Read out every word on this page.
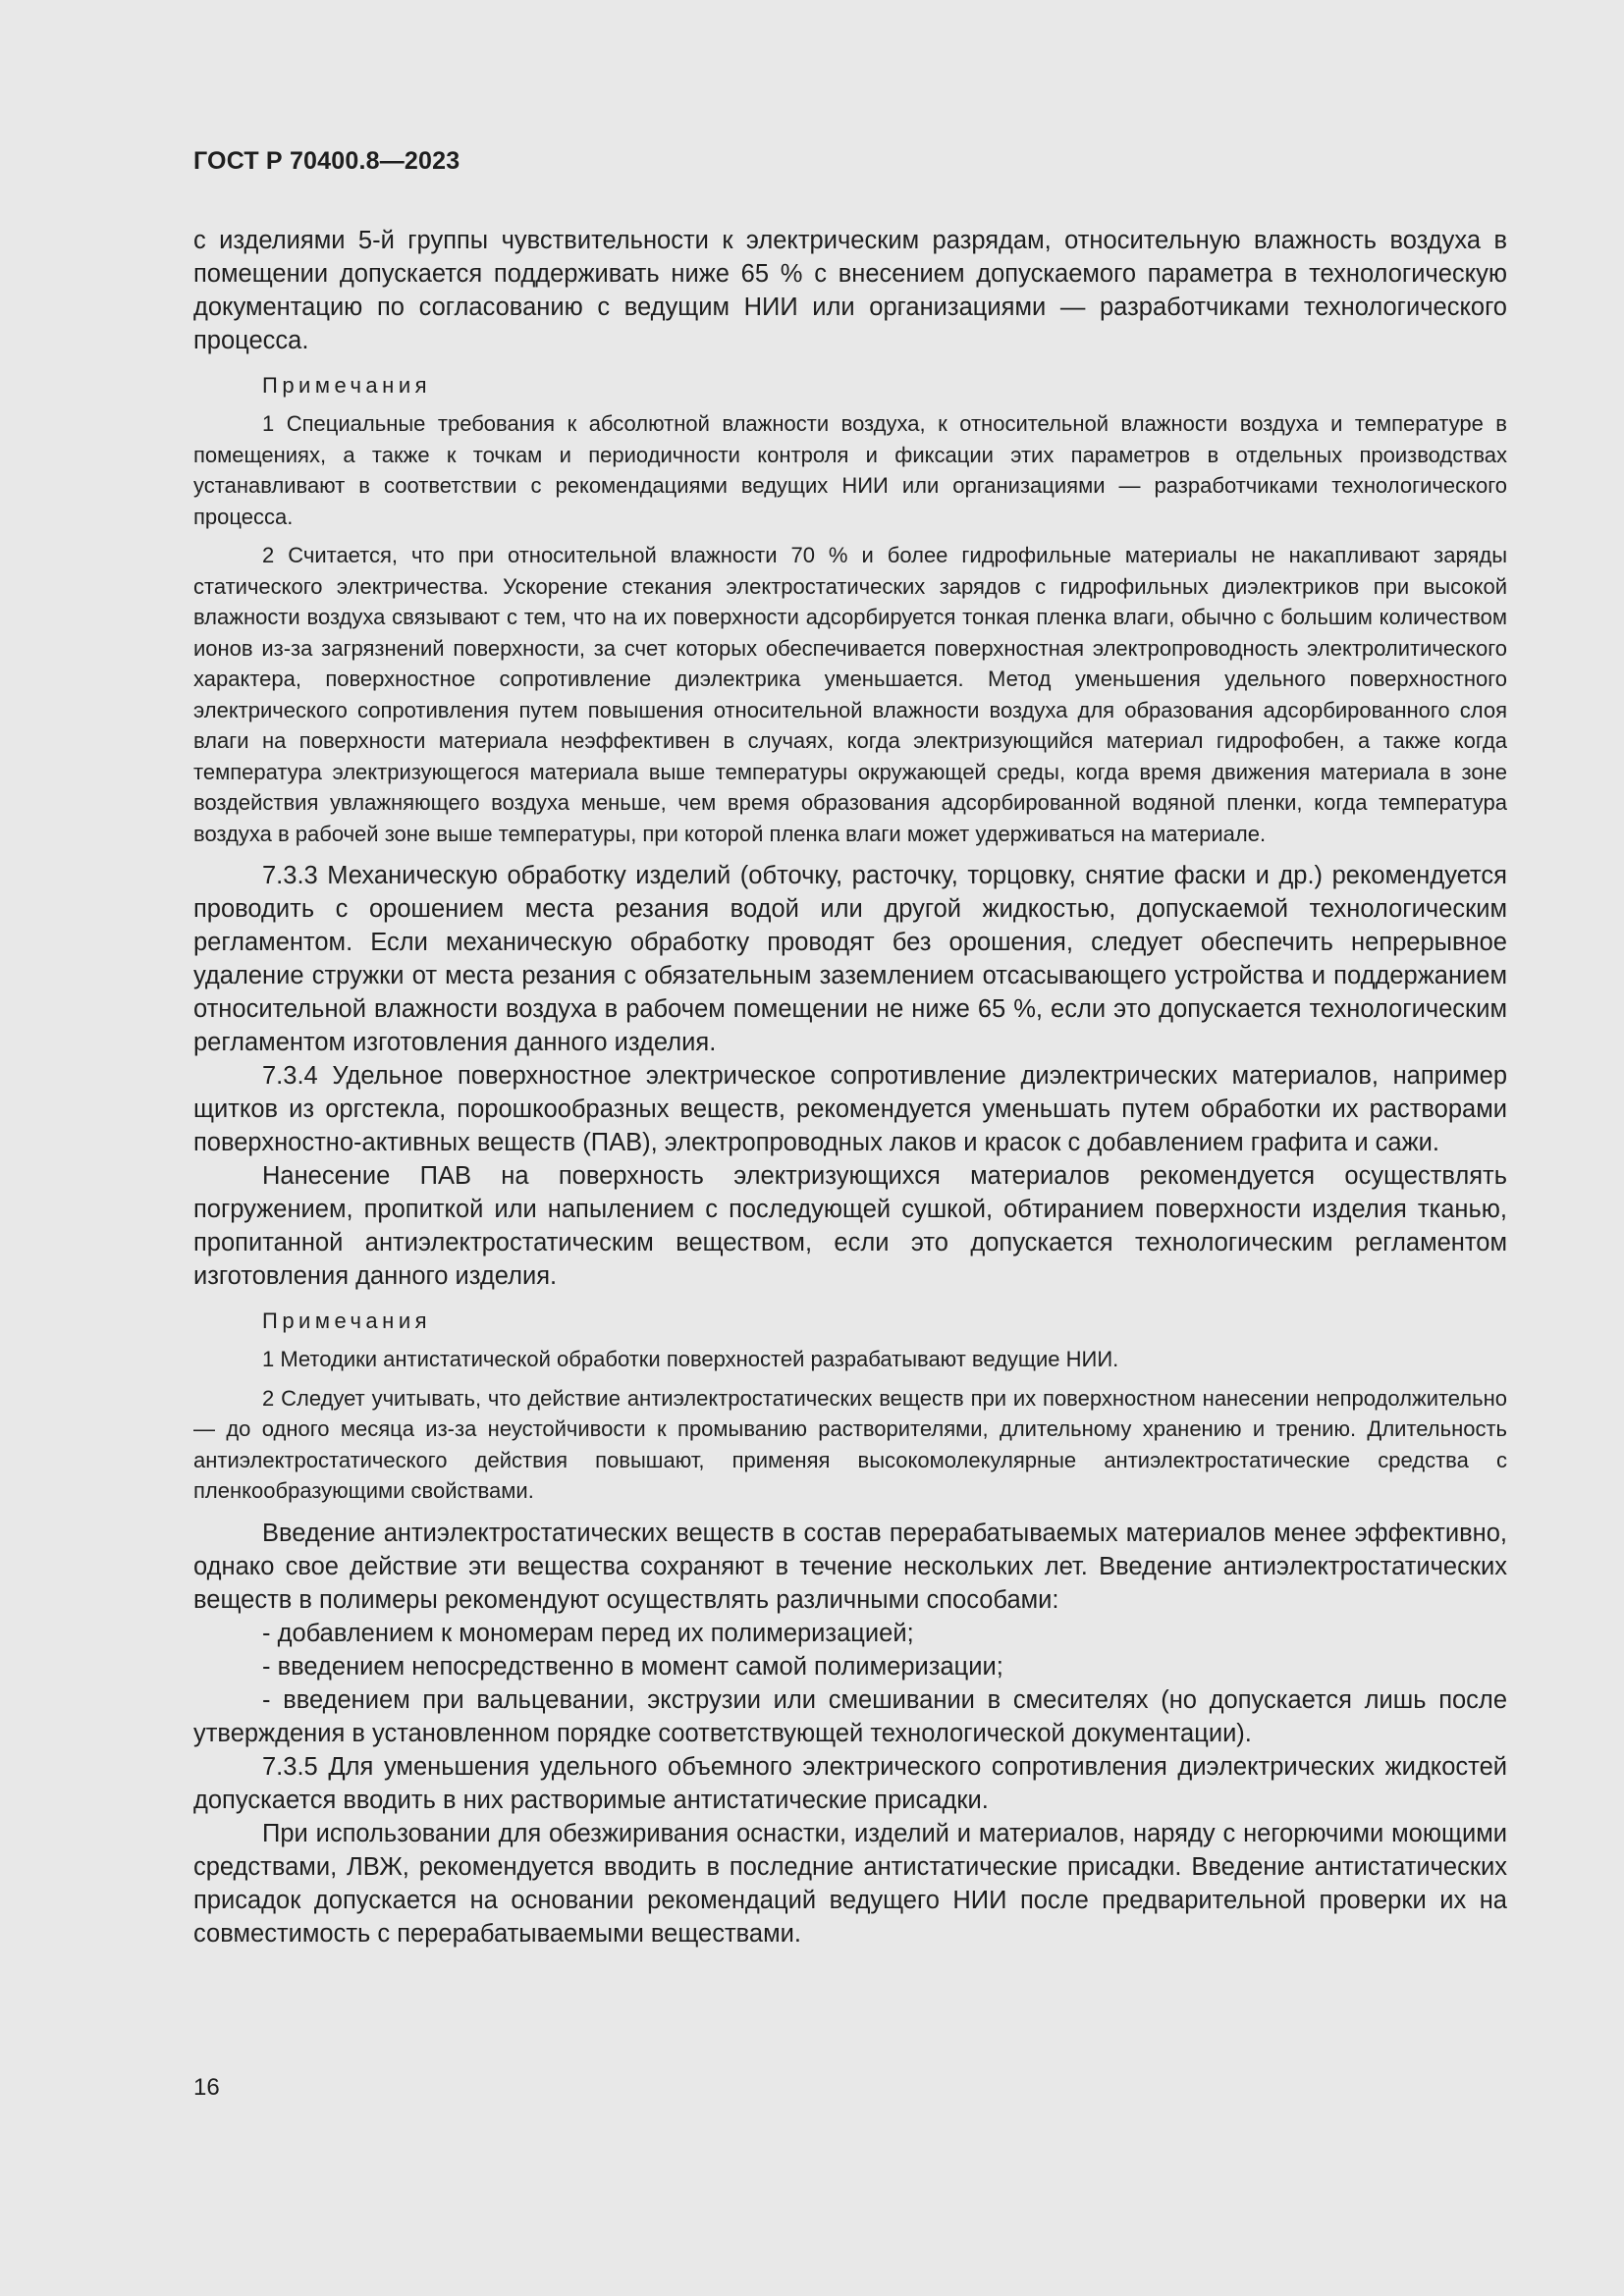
ГОСТ Р 70400.8—2023

с изделиями 5-й группы чувствительности к электрическим разрядам, относительную влажность воздуха в помещении допускается поддерживать ниже 65 % с внесением допускаемого параметра в технологическую документацию по согласованию с ведущим НИИ или организациями — разработчиками технологического процесса.

Примечания

1 Специальные требования к абсолютной влажности воздуха, к относительной влажности воздуха и температуре в помещениях, а также к точкам и периодичности контроля и фиксации этих параметров в отдельных производствах устанавливают в соответствии с рекомендациями ведущих НИИ или организациями — разработчиками технологического процесса.

2 Считается, что при относительной влажности 70 % и более гидрофильные материалы не накапливают заряды статического электричества. Ускорение стекания электростатических зарядов с гидрофильных диэлектриков при высокой влажности воздуха связывают с тем, что на их поверхности адсорбируется тонкая пленка влаги, обычно с большим количеством ионов из-за загрязнений поверхности, за счет которых обеспечивается поверхностная электропроводность электролитического характера, поверхностное сопротивление диэлектрика уменьшается. Метод уменьшения удельного поверхностного электрического сопротивления путем повышения относительной влажности воздуха для образования адсорбированного слоя влаги на поверхности материала неэффективен в случаях, когда электризующийся материал гидрофобен, а также когда температура электризующегося материала выше температуры окружающей среды, когда время движения материала в зоне воздействия увлажняющего воздуха меньше, чем время образования адсорбированной водяной пленки, когда температура воздуха в рабочей зоне выше температуры, при которой пленка влаги может удерживаться на материале.

7.3.3 Механическую обработку изделий (обточку, расточку, торцовку, снятие фаски и др.) рекомендуется проводить с орошением места резания водой или другой жидкостью, допускаемой технологическим регламентом. Если механическую обработку проводят без орошения, следует обеспечить непрерывное удаление стружки от места резания с обязательным заземлением отсасывающего устройства и поддержанием относительной влажности воздуха в рабочем помещении не ниже 65 %, если это допускается технологическим регламентом изготовления данного изделия.

7.3.4 Удельное поверхностное электрическое сопротивление диэлектрических материалов, например щитков из оргстекла, порошкообразных веществ, рекомендуется уменьшать путем обработки их растворами поверхностно-активных веществ (ПАВ), электропроводных лаков и красок с добавлением графита и сажи.

Нанесение ПАВ на поверхность электризующихся материалов рекомендуется осуществлять погружением, пропиткой или напылением с последующей сушкой, обтиранием поверхности изделия тканью, пропитанной антиэлектростатическим веществом, если это допускается технологическим регламентом изготовления данного изделия.

Примечания

1 Методики антистатической обработки поверхностей разрабатывают ведущие НИИ.

2 Следует учитывать, что действие антиэлектростатических веществ при их поверхностном нанесении непродолжительно — до одного месяца из-за неустойчивости к промыванию растворителями, длительному хранению и трению. Длительность антиэлектростатического действия повышают, применяя высокомолекулярные антиэлектростатические средства с пленкообразующими свойствами.

Введение антиэлектростатических веществ в состав перерабатываемых материалов менее эффективно, однако свое действие эти вещества сохраняют в течение нескольких лет. Введение антиэлектростатических веществ в полимеры рекомендуют осуществлять различными способами:

- добавлением к мономерам перед их полимеризацией;

- введением непосредственно в момент самой полимеризации;

- введением при вальцевании, экструзии или смешивании в смесителях (но допускается лишь после утверждения в установленном порядке соответствующей технологической документации).

7.3.5 Для уменьшения удельного объемного электрического сопротивления диэлектрических жидкостей допускается вводить в них растворимые антистатические присадки.

При использовании для обезжиривания оснастки, изделий и материалов, наряду с негорючими моющими средствами, ЛВЖ, рекомендуется вводить в последние антистатические присадки. Введение антистатических присадок допускается на основании рекомендаций ведущего НИИ после предварительной проверки их на совместимость с перерабатываемыми веществами.

16
